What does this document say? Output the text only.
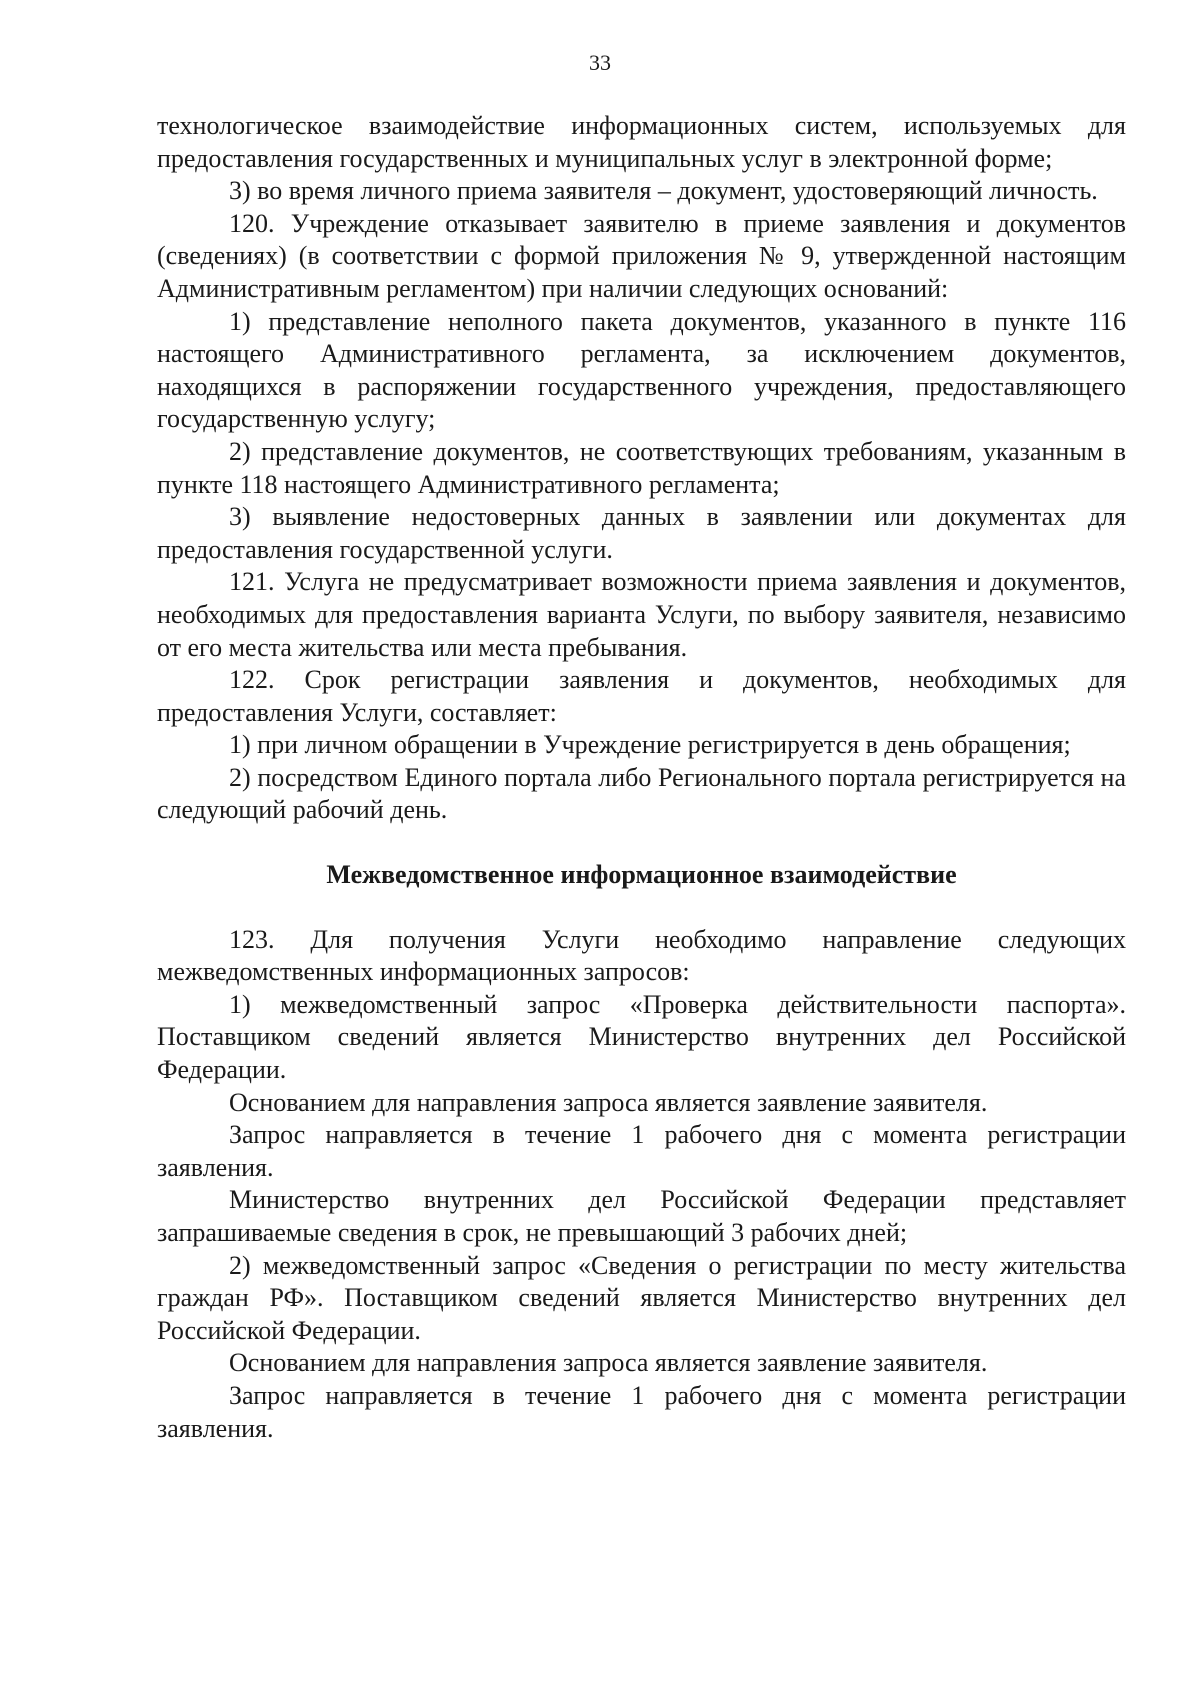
33

технологическое взаимодействие информационных систем, используемых для предоставления государственных и муниципальных услуг в электронной форме;

3) во время личного приема заявителя – документ, удостоверяющий личность.

120. Учреждение отказывает заявителю в приеме заявления и документов (сведениях) (в соответствии с формой приложения № 9, утвержденной настоящим Административным регламентом) при наличии следующих оснований:

1) представление неполного пакета документов, указанного в пункте 116 настоящего Административного регламента, за исключением документов, находящихся в распоряжении государственного учреждения, предоставляющего государственную услугу;

2) представление документов, не соответствующих требованиям, указанным в пункте 118 настоящего Административного регламента;

3) выявление недостоверных данных в заявлении или документах для предоставления государственной услуги.

121. Услуга не предусматривает возможности приема заявления и документов, необходимых для предоставления варианта Услуги, по выбору заявителя, независимо от его места жительства или места пребывания.

122. Срок регистрации заявления и документов, необходимых для предоставления Услуги, составляет:

1) при личном обращении в Учреждение регистрируется в день обращения;

2) посредством Единого портала либо Регионального портала регистрируется на следующий рабочий день.

Межведомственное информационное взаимодействие

123. Для получения Услуги необходимо направление следующих межведомственных информационных запросов:

1) межведомственный запрос «Проверка действительности паспорта». Поставщиком сведений является Министерство внутренних дел Российской Федерации.

Основанием для направления запроса является заявление заявителя.

Запрос направляется в течение 1 рабочего дня с момента регистрации заявления.

Министерство внутренних дел Российской Федерации представляет запрашиваемые сведения в срок, не превышающий 3 рабочих дней;

2) межведомственный запрос «Сведения о регистрации по месту жительства граждан РФ». Поставщиком сведений является Министерство внутренних дел Российской Федерации.

Основанием для направления запроса является заявление заявителя.

Запрос направляется в течение 1 рабочего дня с момента регистрации заявления.
